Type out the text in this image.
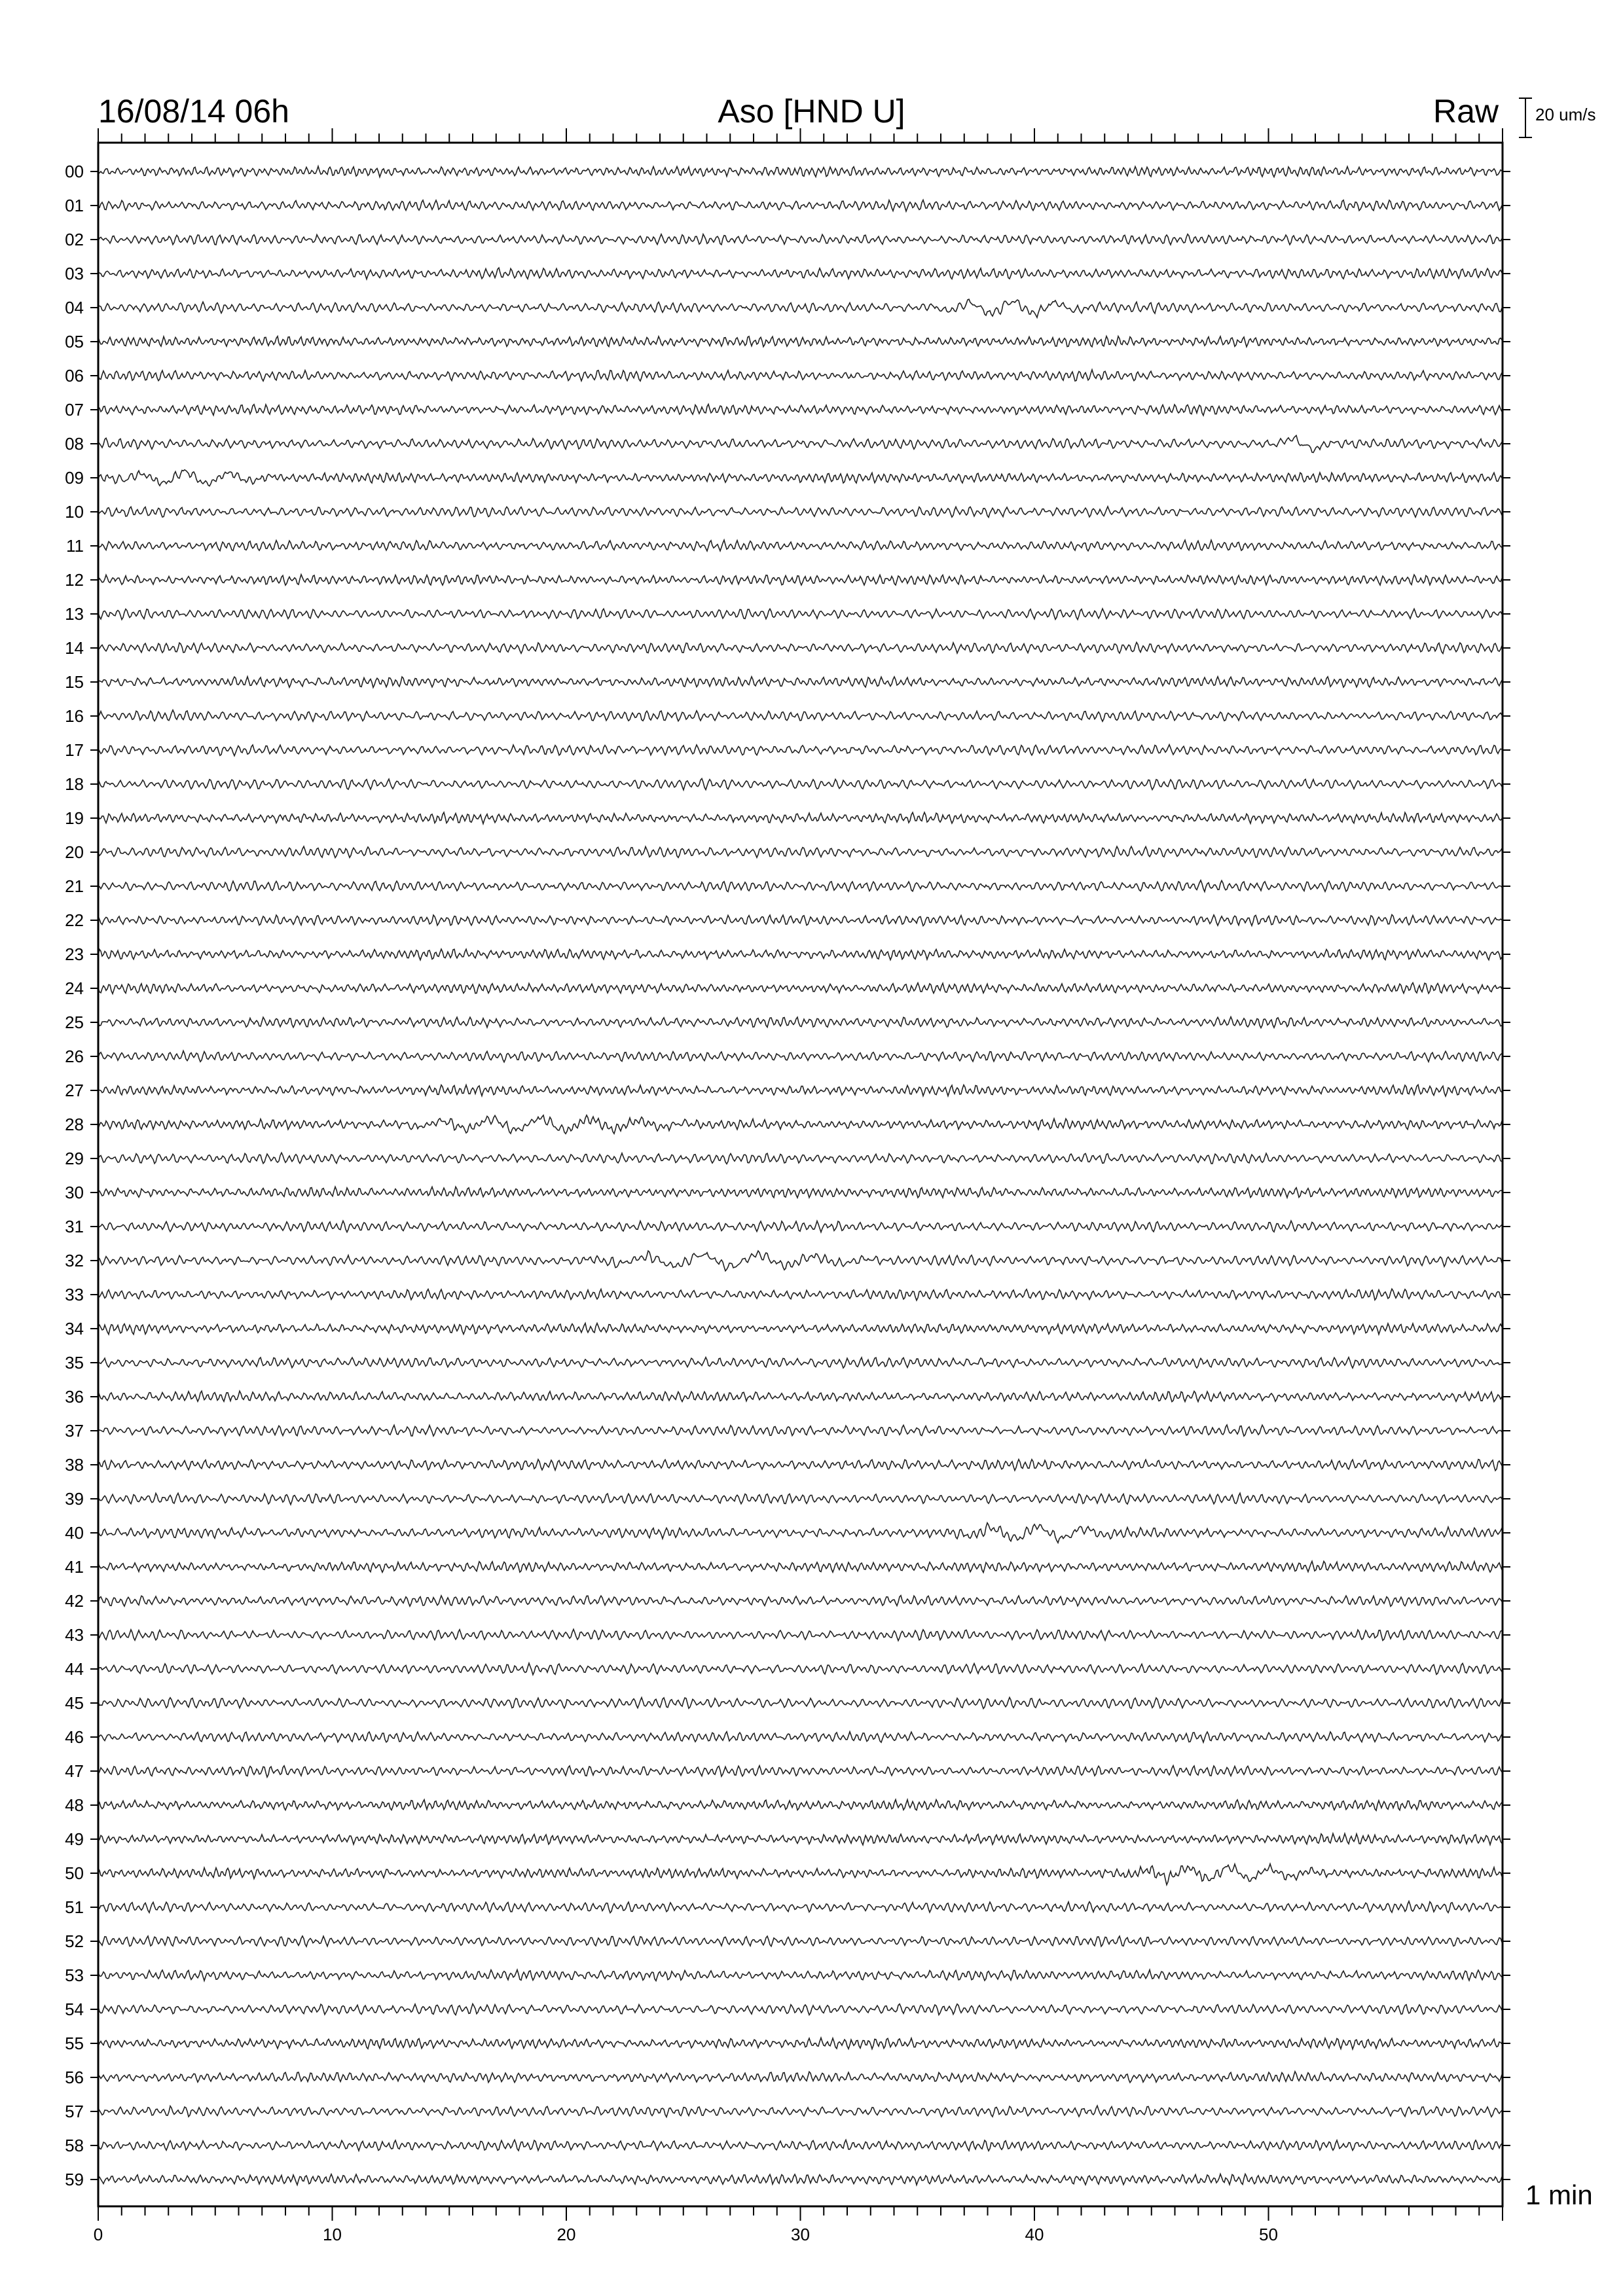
16/08/14 06h	Aso [HND U]	Raw 20 um/s
1 min
00
01
02
03
04
05
06
07
08
09
10
11
12
13
14
15
16
17
18
19
20
21
22
23
24
25
26
27
28
29
30
31
32
33
34
35
36
37
38
39
40
41
42
43
44
45
46
47
48
49
50
51
52
53
54
55
56
57
58
59
0	10	20	30	40	50
